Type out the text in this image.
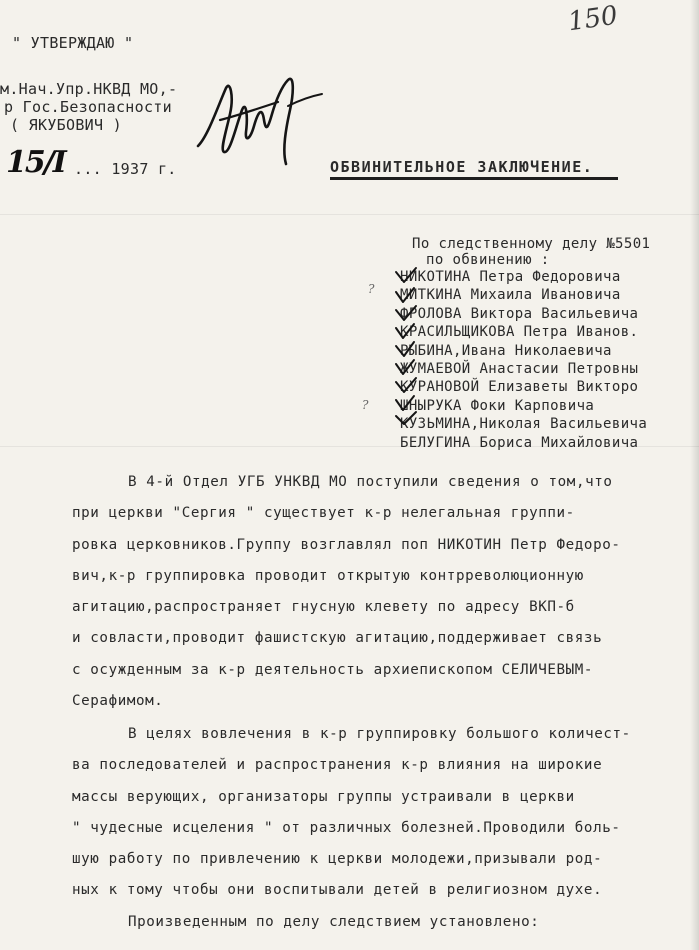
150
" УТВЕРЖДАЮ "
м.Нач.Упр.НКВД МО,-
р Гос.Безопасности
( ЯКУБОВИЧ )
15/I ... 1937 г.	ОБВИНИТЕЛЬНОЕ ЗАКЛЮЧЕНИЕ.
По следственному делу №5501
по обвинению :
НИКОТИНА Петра Федоровича
МИТКИНА Михаила Ивановича
ФРОЛОВА Виктора Васильевича
КРАСИЛЬЩИКОВА Петра Иванов.
РЫБИНА,Ивана Николаевича
ЖУМАЕВОЙ Анастасии Петровны
КУРАНОВОЙ Елизаветы Викторо
ШНЫРУКА Фоки Карповича
КУЗЬМИНА,Николая Васильевича
БЕЛУГИНА Бориса Михайловича
?
?
В 4-й Отдел УГБ УНКВД МО поступили сведения о том,что
при церкви "Сергия " существует к-р нелегальная группи-
ровка церковников.Группу возглавлял поп НИКОТИН Петр Федоро-
вич,к-р группировка проводит открытую контрреволюционную
агитацию,распространяет гнусную клевету по адресу ВКП-б
и совласти,проводит фашистскую агитацию,поддерживает связь
с осужденным за к-р деятельность архиепископом СЕЛИЧЕВЫМ-
Серафимом.
В целях вовлечения в к-р группировку большого количест-
ва последователей и распространения к-р влияния на широкие
массы верующих, организаторы группы устраивали в церкви
" чудесные исцеления " от различных болезней.Проводили боль-
шую работу по привлечению к церкви молодежи,призывали род-
ных к тому чтобы они воспитывали детей в религиозном духе.
Произведенным по делу следствием установлено:
